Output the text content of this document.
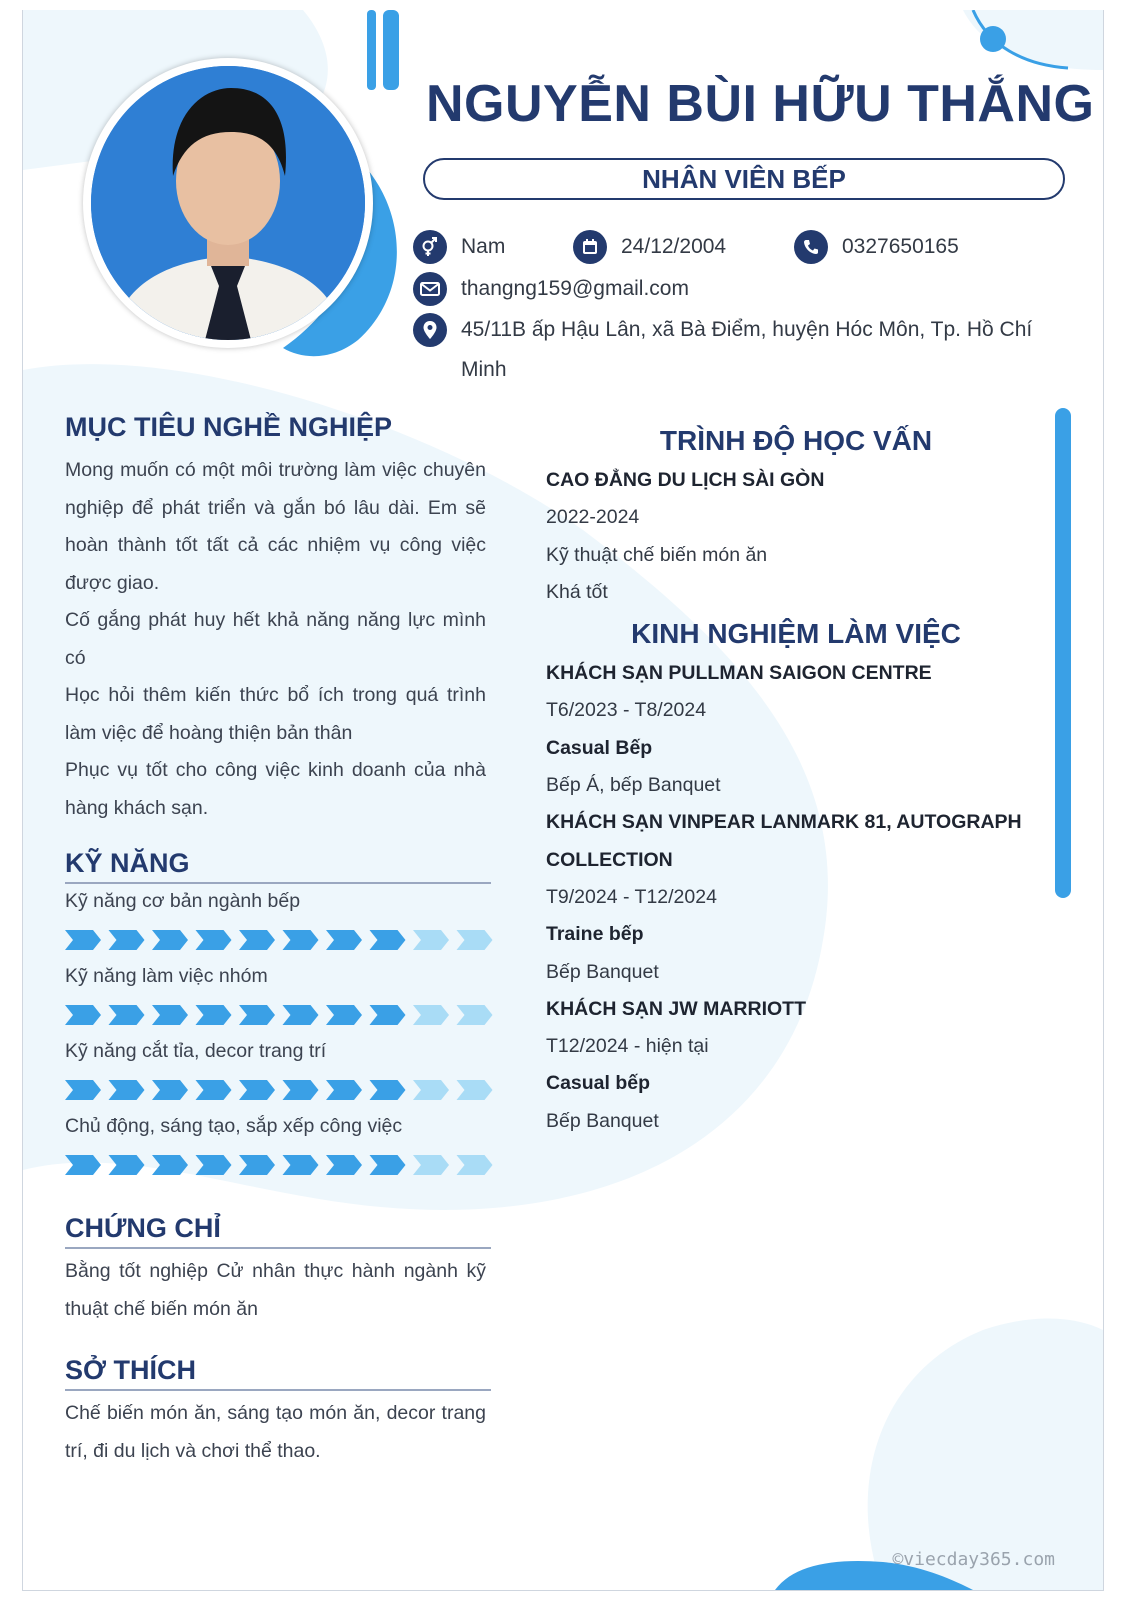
NGUYỄN BÙI HỮU THẮNG
NHÂN VIÊN BẾP
Nam	24/12/2004	0327650165
thangng159@gmail.com
45/11B ấp Hậu Lân, xã Bà Điểm, huyện Hóc Môn, Tp. Hồ Chí
Minh
MỤC TIÊU NGHỀ NGHIỆP

Mong muốn có một môi trường làm việc chuyên nghiệp để phát triển và gắn bó lâu dài. Em sẽ hoàn thành tốt tất cả các nhiệm vụ công việc được giao.

Cố gắng phát huy hết khả năng năng lực mình có

Học hỏi thêm kiến thức bổ ích trong quá trình làm việc để hoàng thiện bản thân

Phục vụ tốt cho công việc kinh doanh của nhà hàng khách sạn.

KỸ NĂNG
Kỹ năng cơ bản ngành bếp
Kỹ năng làm việc nhóm
Kỹ năng cắt tỉa, decor trang trí
Chủ động, sáng tạo, sắp xếp công việc
CHỨNG CHỈ
Bằng tốt nghiệp Cử nhân thực hành ngành kỹ thuật chế biến món ăn
SỞ THÍCH
Chế biến món ăn, sáng tạo món ăn, decor trang trí, đi du lịch và chơi thể thao.
TRÌNH ĐỘ HỌC VẤN
CAO ĐẲNG DU LỊCH SÀI GÒN
2022-2024
Kỹ thuật chế biến món ăn
Khá tốt
KINH NGHIỆM LÀM VIỆC
KHÁCH SẠN PULLMAN SAIGON CENTRE
T6/2023 - T8/2024
Casual Bếp
Bếp Á, bếp Banquet
KHÁCH SẠN VINPEAR LANMARK 81, AUTOGRAPH
COLLECTION
T9/2024 - T12/2024
Traine bếp
Bếp Banquet
KHÁCH SẠN JW MARRIOTT
T12/2024 - hiện tại
Casual bếp
Bếp Banquet
©viecday365.com
